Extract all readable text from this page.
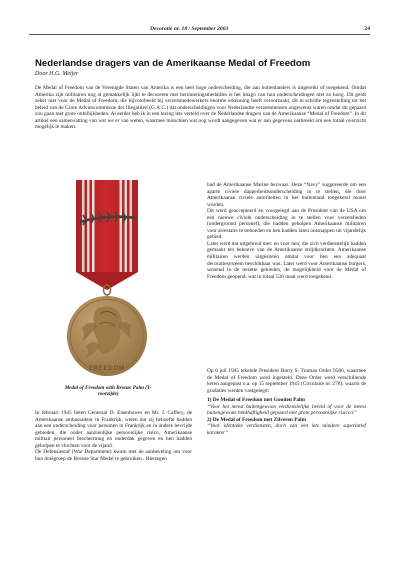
Decoratie nr. 18 / September 2003	24
Nederlandse dragers van de Amerikaanse Medal of Freedom
Door H.G. Meijer
De Medal of Freedom van de Verenigde Staten van Amerika is een heel hoge onderscheiding, die aan buitenlanders is uitgereikt of toegekend. Omdat Amerika zijn militairen nog al gemakkelijk lijkt te decoreren met herinneringsmedailles is het imago van hun onderscheidingen niet zo hoog. Dit geldt zeker niet voor de Medal of Freedom, die bijvoorbeeld bij verzetsmedewerkers enorme erkenning heeft veroorzaakt, dit in schrille tegenstelling tot het beleid van de Grote Adviescommissie der Illegaliteit (G.A.C.) dat onderscheidingen voor Nederlandse verzetsmensen ongewenst waren omdat dit gepaard zou gaan met grote onbillijkheden. Al eerder heb ik in een lezing iets verteld over de Nederlandse dragers van de Amerikaanse “Medal of Freedom”. In dit artikel een samenvatting van wat we er van weten, waarmee misschien wat oog wordt aangegeven wat er aan gegevens ontbreekt om een totaal overzicht mogelijk te maken.
FREEDOM
Medal of Freedom with Bronze Palm (Y-voorzijde)

In februari 1945 lieten Generaal D. Eisenhower en Mr. J. Caffery, de Amerikaanse ambassadeur in Frankrijk, weten dat zij behoefte hadden aan een onderscheiding voor personen in Frankrijk en in andere bevrijde gebieden, die onder aanzienlijke persoonlijke risico, Amerikaanse militair personeel bescherming en onderdak gegeven en hen hadden geholpen te vluchten voor de vijand.

De Defensiestaf (War Department) kwam met de aanbeveling om voor hun doelgroep de Bronze Star Medal te gebruiken.. Hiertegen

had de Amerikaanse Marine bezwaar. Deze “Navy” suggereerde om een aparte civiele dapperheidsonderscheiding in te stellen, die door Amerikaanse civiele autoriteiten in het buitenland toegekend moest worden.

Dit werd geaccepteerd en voorgelegd aan de President van de USA om een nieuwe civiele onderscheiding in te stellen voor verzetslieden (underground personel), die hadden geholpen Amerikaanse militairen voor arrestatie te behoeden en hen hadden laten ontsnappen uit vijandelijk gebied.

Later werd dat uitgebreid met: en voor hen, die zich verdienstelijk hadden gemaakt ten behoeve van de Amerikaanse strijdkrachten. Amerikaanse militairen werden uitgesloten omdat voor hen een adequaat decoratiesysteem beschikbaar was. Later werd voor Amerikaanse burgers, wonend in de bezette gebieden, de mogelijkheid voor de Medal of Freedom geopend, wat in totaal 536 maal werd toegekend.

Op 6 juli 1945 tekende President Harry S. Truman Order 9586, waarmee de Medal of Freedom werd ingesteld. Deze Order werd verschillende keren aangepast o.a. op 15 september 1945 (Circulaire nr. 278), waarin de gradaties werden vastgelegd:

1) De Medal of Freedom met Gouden Palm

“Voor het meest buitengewoon verdienstelijke beleid of voor de meest buitengewone heldhaftigheid gepaard met grote persoonlijke risico’s”

2) De Medal of Freedom met Zilveren Palm

“Voor identieke verdiensten, doch van een iets mindere superlatief karakter”
